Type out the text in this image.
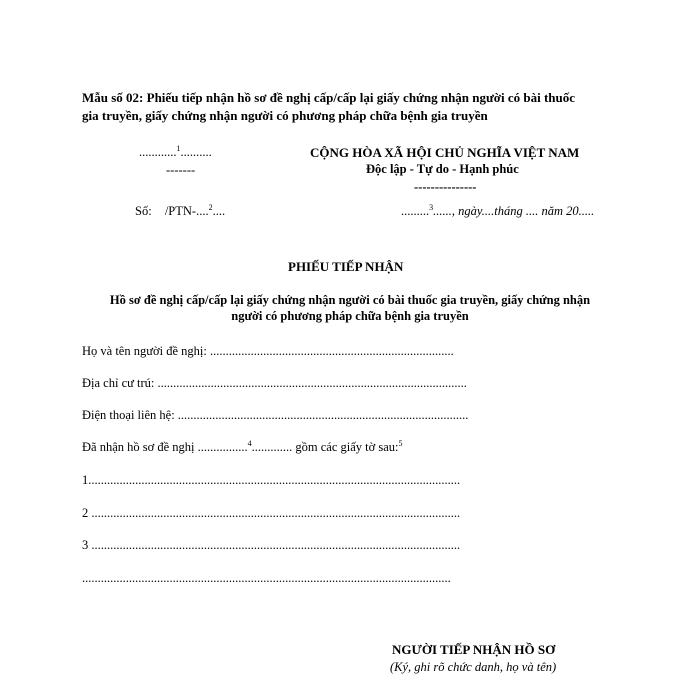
Mẫu số 02: Phiếu tiếp nhận hồ sơ đề nghị cấp/cấp lại giấy chứng nhận người có bài thuốc
gia truyền, giấy chứng nhận người có phương pháp chữa bệnh gia truyền
............$^1$..........
-------
Số: /PTN-....$^2$....
CỘNG HÒA XÃ HỘI CHỦ NGHĨA VIỆT NAM
Độc lập - Tự do - Hạnh phúc
---------------
.........$^3$......, ngày....tháng .... năm 20.....
PHIẾU TIẾP NHẬN
Hồ sơ đề nghị cấp/cấp lại giấy chứng nhận người có bài thuốc gia truyền, giấy chứng nhận
người có phương pháp chữa bệnh gia truyền
Họ và tên người đề nghị: ..............................................................................
Địa chỉ cư trú: ...................................................................................................
Điện thoại liên hệ: .............................................................................................
Đã nhận hồ sơ đề nghị ................$^4$............. gồm các giấy tờ sau:$^5$
1.......................................................................................................................
2 ......................................................................................................................
3 ......................................................................................................................
......................................................................................................................
NGƯỜI TIẾP NHẬN HỒ SƠ
(Ký, ghi rõ chức danh, họ và tên)
